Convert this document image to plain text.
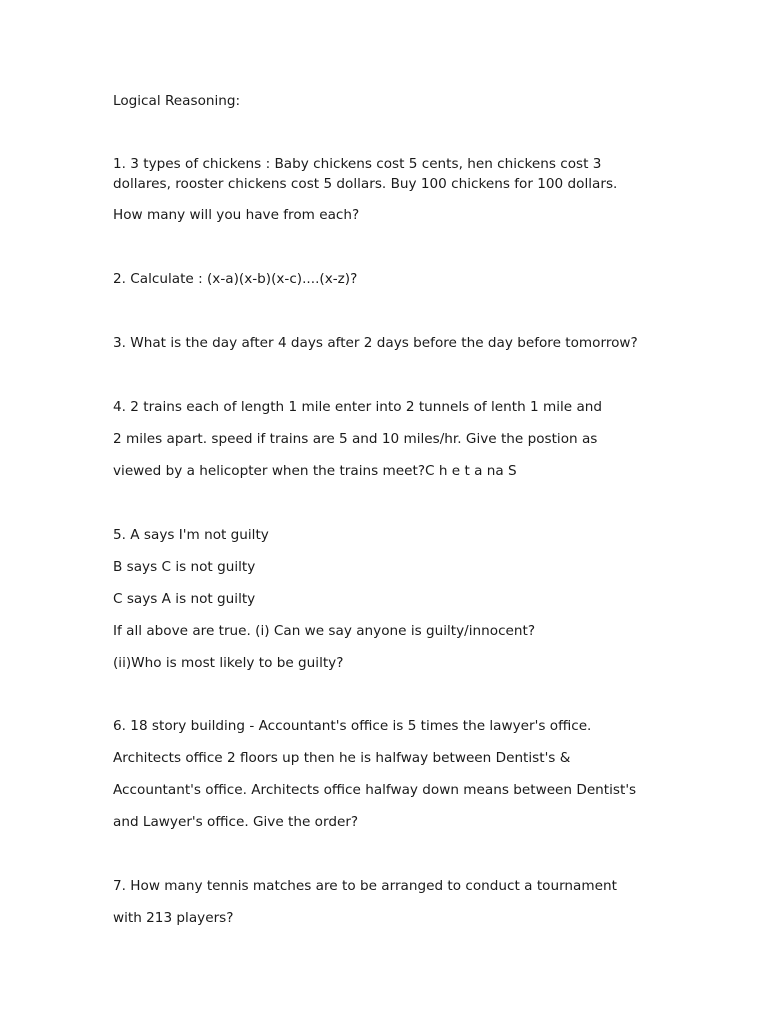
Logical Reasoning:
1. 3 types of chickens : Baby chickens cost 5 cents, hen chickens cost 3
dollares, rooster chickens cost 5 dollars. Buy 100 chickens for 100 dollars.
How many will you have from each?
2. Calculate : (x-a)(x-b)(x-c)....(x-z)?
3. What is the day after 4 days after 2 days before the day before tomorrow?
4. 2 trains each of length 1 mile enter into 2 tunnels of lenth 1 mile and
2 miles apart. speed if trains are 5 and 10 miles/hr. Give the postion as
viewed by a helicopter when the trains meet?C h e t a na S
5. A says I'm not guilty
B says C is not guilty
C says A is not guilty
If all above are true. (i) Can we say anyone is guilty/innocent?
(ii)Who is most likely to be guilty?
6. 18 story building - Accountant's office is 5 times the lawyer's office.
Architects office 2 floors up then he is halfway between Dentist's &
Accountant's office. Architects office halfway down means between Dentist's
and Lawyer's office. Give the order?
7. How many tennis matches are to be arranged to conduct a tournament
with 213 players?
